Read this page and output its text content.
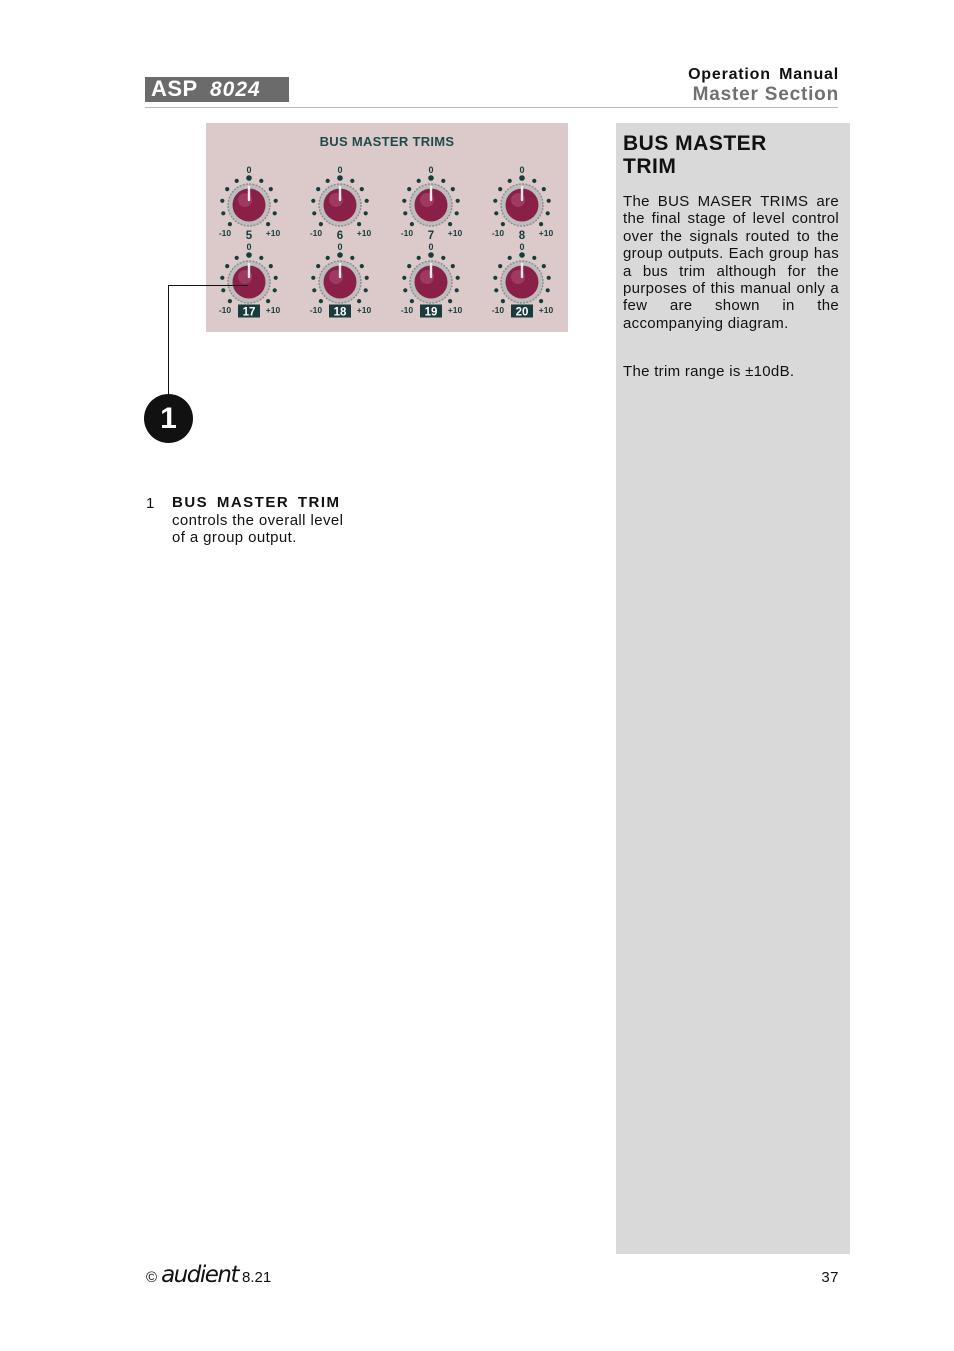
ASP 8024
Operation Manual
Master Section
BUS MASTER TRIMS
0
-10	+10
5
0
-10	+10
6
0
-10	+10
7
0
-10	+10
8
0
-10	+10
17
0
-10	+10
18
0
-10	+10
19
0
-10	+10
20
1
1 BUS MASTER TRIM
controls the overall level
of a group output.
BUS MASTER
TRIM

The BUS MASER TRIMS are the final stage of level control over the signals routed to the group outputs. Each group has a bus trim although for the purposes of this manual only a few are shown in the accompanying diagram.

The trim range is ±10dB.

© audient 8.21	37
